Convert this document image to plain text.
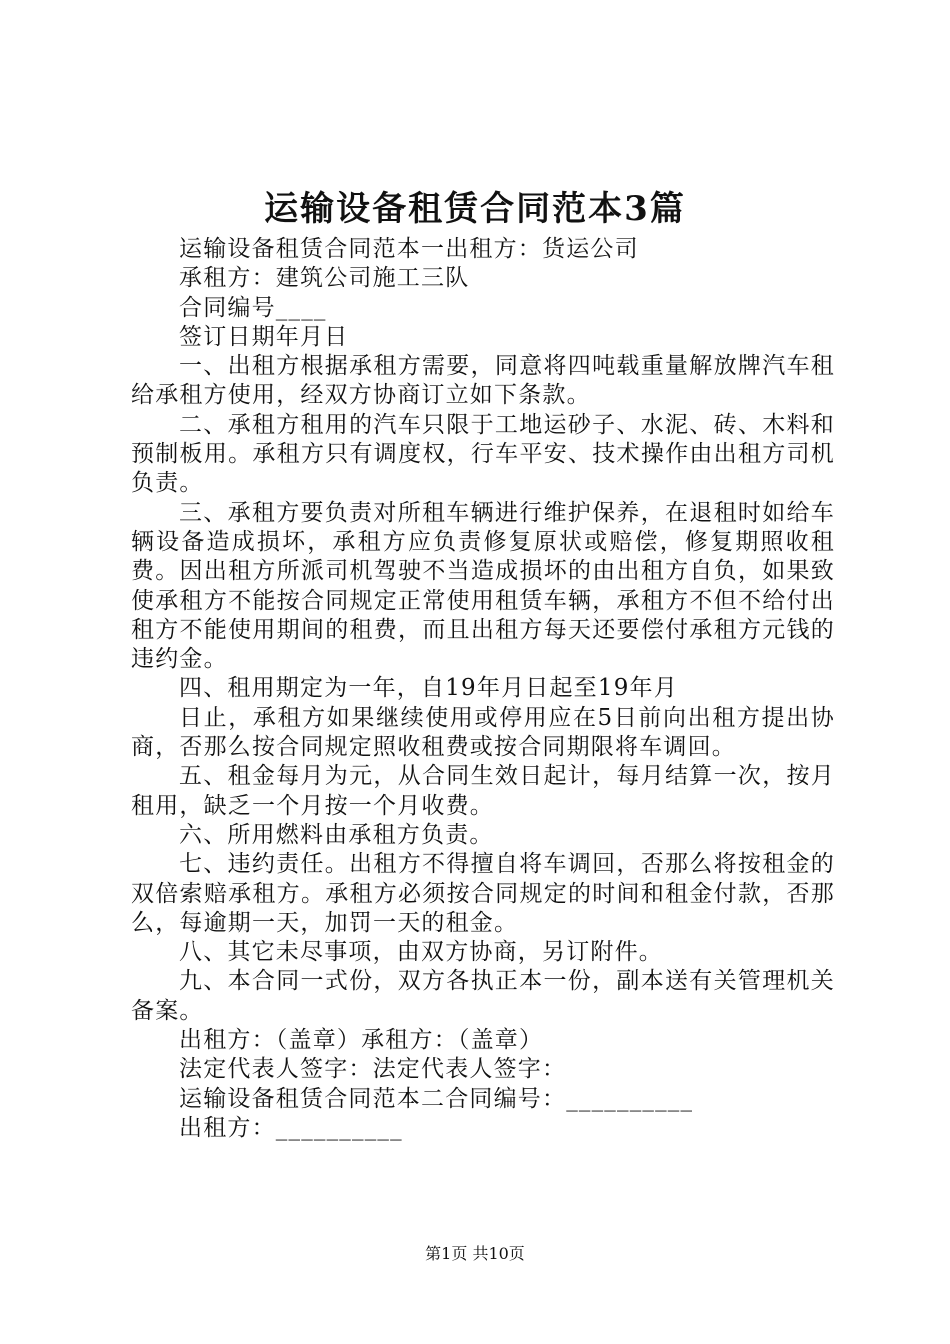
运输设备租赁合同范本3篇

运输设备租赁合同范本一出租方：货运公司

承租方：建筑公司施工三队

合同编号____

签订日期年月日

一、出租方根据承租方需要，同意将四吨载重量解放牌汽车租给承租方使用，经双方协商订立如下条款。

二、承租方租用的汽车只限于工地运砂子、水泥、砖、木料和预制板用。承租方只有调度权，行车平安、技术操作由出租方司机负责。

三、承租方要负责对所租车辆进行维护保养，在退租时如给车辆设备造成损坏，承租方应负责修复原状或赔偿，修复期照收租费。因出租方所派司机驾驶不当造成损坏的由出租方自负，如果致使承租方不能按合同规定正常使用租赁车辆，承租方不但不给付出租方不能使用期间的租费，而且出租方每天还要偿付承租方元钱的违约金。

四、租用期定为一年，自19年月日起至19年月

日止，承租方如果继续使用或停用应在5日前向出租方提出协商，否那么按合同规定照收租费或按合同期限将车调回。

五、租金每月为元，从合同生效日起计，每月结算一次，按月租用，缺乏一个月按一个月收费。

六、所用燃料由承租方负责。

七、违约责任。出租方不得擅自将车调回，否那么将按租金的双倍索赔承租方。承租方必须按合同规定的时间和租金付款，否那么，每逾期一天，加罚一天的租金。

八、其它未尽事项，由双方协商，另订附件。

九、本合同一式份，双方各执正本一份，副本送有关管理机关备案。

出租方：（盖章）承租方：（盖章）

法定代表人签字：法定代表人签字：

运输设备租赁合同范本二合同编号：__________

出租方：__________

第1页 共10页
